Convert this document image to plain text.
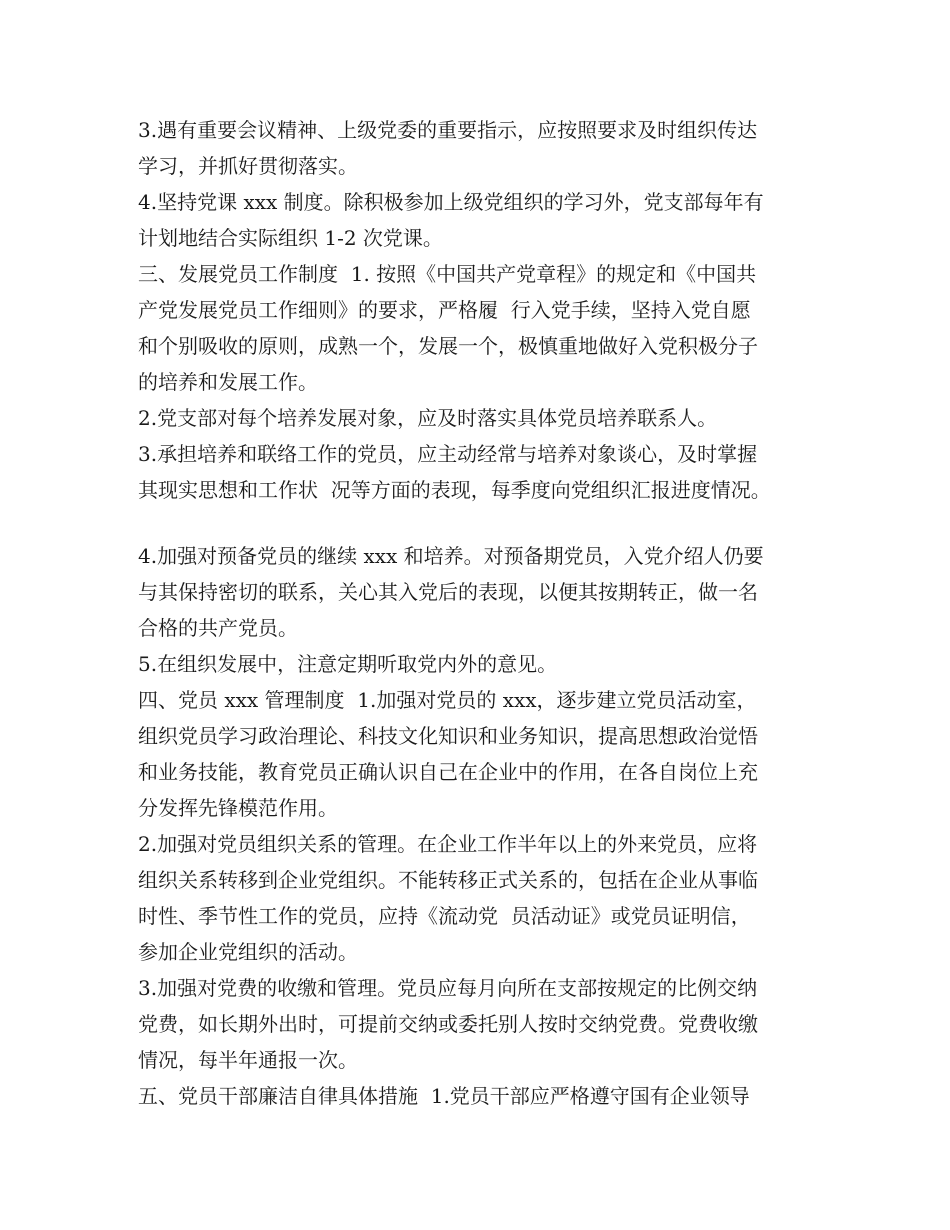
3.遇有重要会议精神、上级党委的重要指示，应按照要求及时组织传达
学习，并抓好贯彻落实。
4.坚持党课 xxx 制度。除积极参加上级党组织的学习外，党支部每年有
计划地结合实际组织 1-2 次党课。
三、发展党员工作制度  1. 按照《中国共产党章程》的规定和《中国共
产党发展党员工作细则》的要求，严格履  行入党手续，坚持入党自愿
和个别吸收的原则，成熟一个，发展一个，极慎重地做好入党积极分子
的培养和发展工作。
2.党支部对每个培养发展对象，应及时落实具体党员培养联系人。
3.承担培养和联络工作的党员，应主动经常与培养对象谈心，及时掌握
其现实思想和工作状  况等方面的表现，每季度向党组织汇报进度情况。
4.加强对预备党员的继续 xxx 和培养。对预备期党员，入党介绍人仍要
与其保持密切的联系，关心其入党后的表现，以便其按期转正，做一名
合格的共产党员。
5.在组织发展中，注意定期听取党内外的意见。
四、党员 xxx 管理制度  1.加强对党员的 xxx，逐步建立党员活动室，
组织党员学习政治理论、科技文化知识和业务知识，提高思想政治觉悟
和业务技能，教育党员正确认识自己在企业中的作用，在各自岗位上充
分发挥先锋模范作用。
2.加强对党员组织关系的管理。在企业工作半年以上的外来党员，应将
组织关系转移到企业党组织。不能转移正式关系的，包括在企业从事临
时性、季节性工作的党员，应持《流动党  员活动证》或党员证明信，
参加企业党组织的活动。
3.加强对党费的收缴和管理。党员应每月向所在支部按规定的比例交纳
党费，如长期外出时，可提前交纳或委托别人按时交纳党费。党费收缴
情况，每半年通报一次。
五、党员干部廉洁自律具体措施  1.党员干部应严格遵守国有企业领导
